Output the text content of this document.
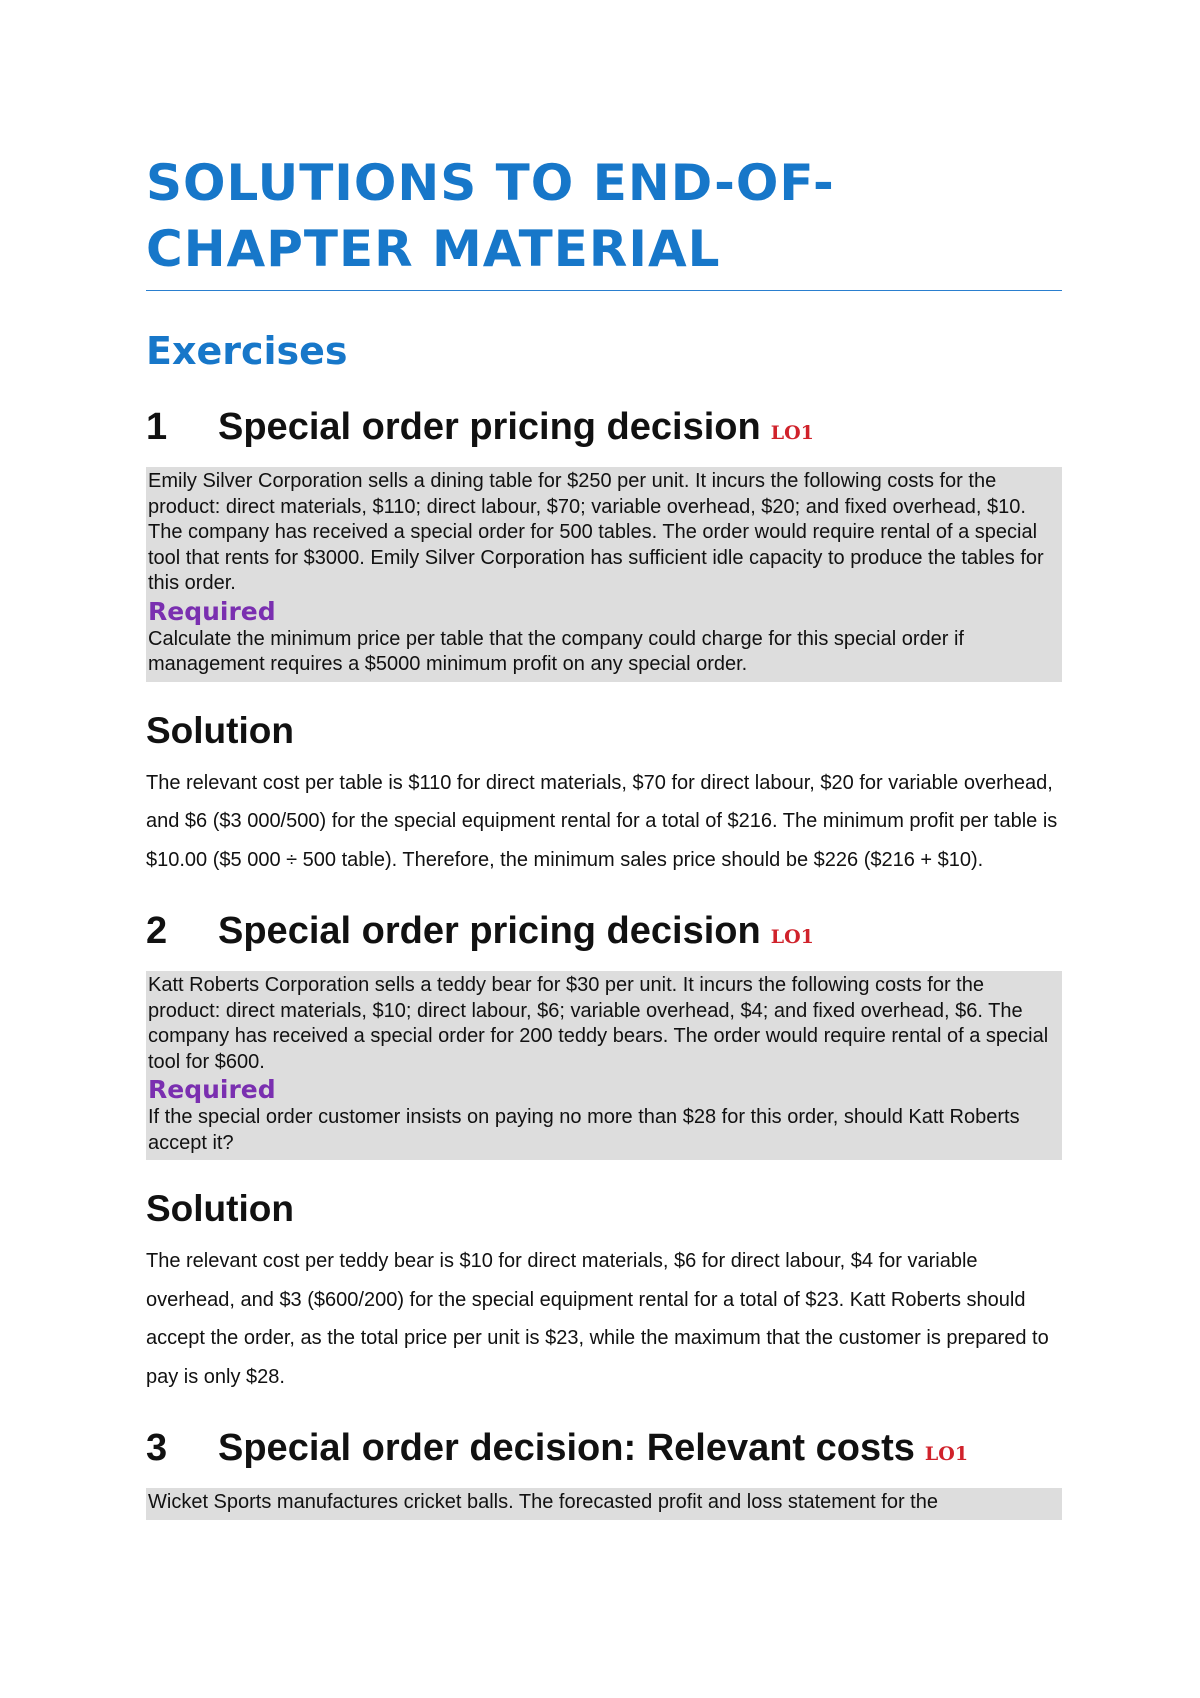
SOLUTIONS TO END-OF-CHAPTER MATERIAL
Exercises
1 Special order pricing decision LO1

Emily Silver Corporation sells a dining table for $250 per unit. It incurs the following costs for the product: direct materials, $110; direct labour, $70; variable overhead, $20; and fixed overhead, $10. The company has received a special order for 500 tables. The order would require rental of a special tool that rents for $3000. Emily Silver Corporation has sufficient idle capacity to produce the tables for this order.

Required

Calculate the minimum price per table that the company could charge for this special order if management requires a $5000 minimum profit on any special order.

Solution

The relevant cost per table is $110 for direct materials, $70 for direct labour, $20 for variable overhead, and $6 ($3 000/500) for the special equipment rental for a total of $216. The minimum profit per table is $10.00 ($5 000 ÷ 500 table). Therefore, the minimum sales price should be $226 ($216 + $10).

2 Special order pricing decision LO1

Katt Roberts Corporation sells a teddy bear for $30 per unit. It incurs the following costs for the product: direct materials, $10; direct labour, $6; variable overhead, $4; and fixed overhead, $6. The company has received a special order for 200 teddy bears. The order would require rental of a special tool for $600.

Required

If the special order customer insists on paying no more than $28 for this order, should Katt Roberts accept it?

Solution

The relevant cost per teddy bear is $10 for direct materials, $6 for direct labour, $4 for variable overhead, and $3 ($600/200) for the special equipment rental for a total of $23. Katt Roberts should accept the order, as the total price per unit is $23, while the maximum that the customer is prepared to pay is only $28.

3 Special order decision: Relevant costs LO1

Wicket Sports manufactures cricket balls. The forecasted profit and loss statement for the
